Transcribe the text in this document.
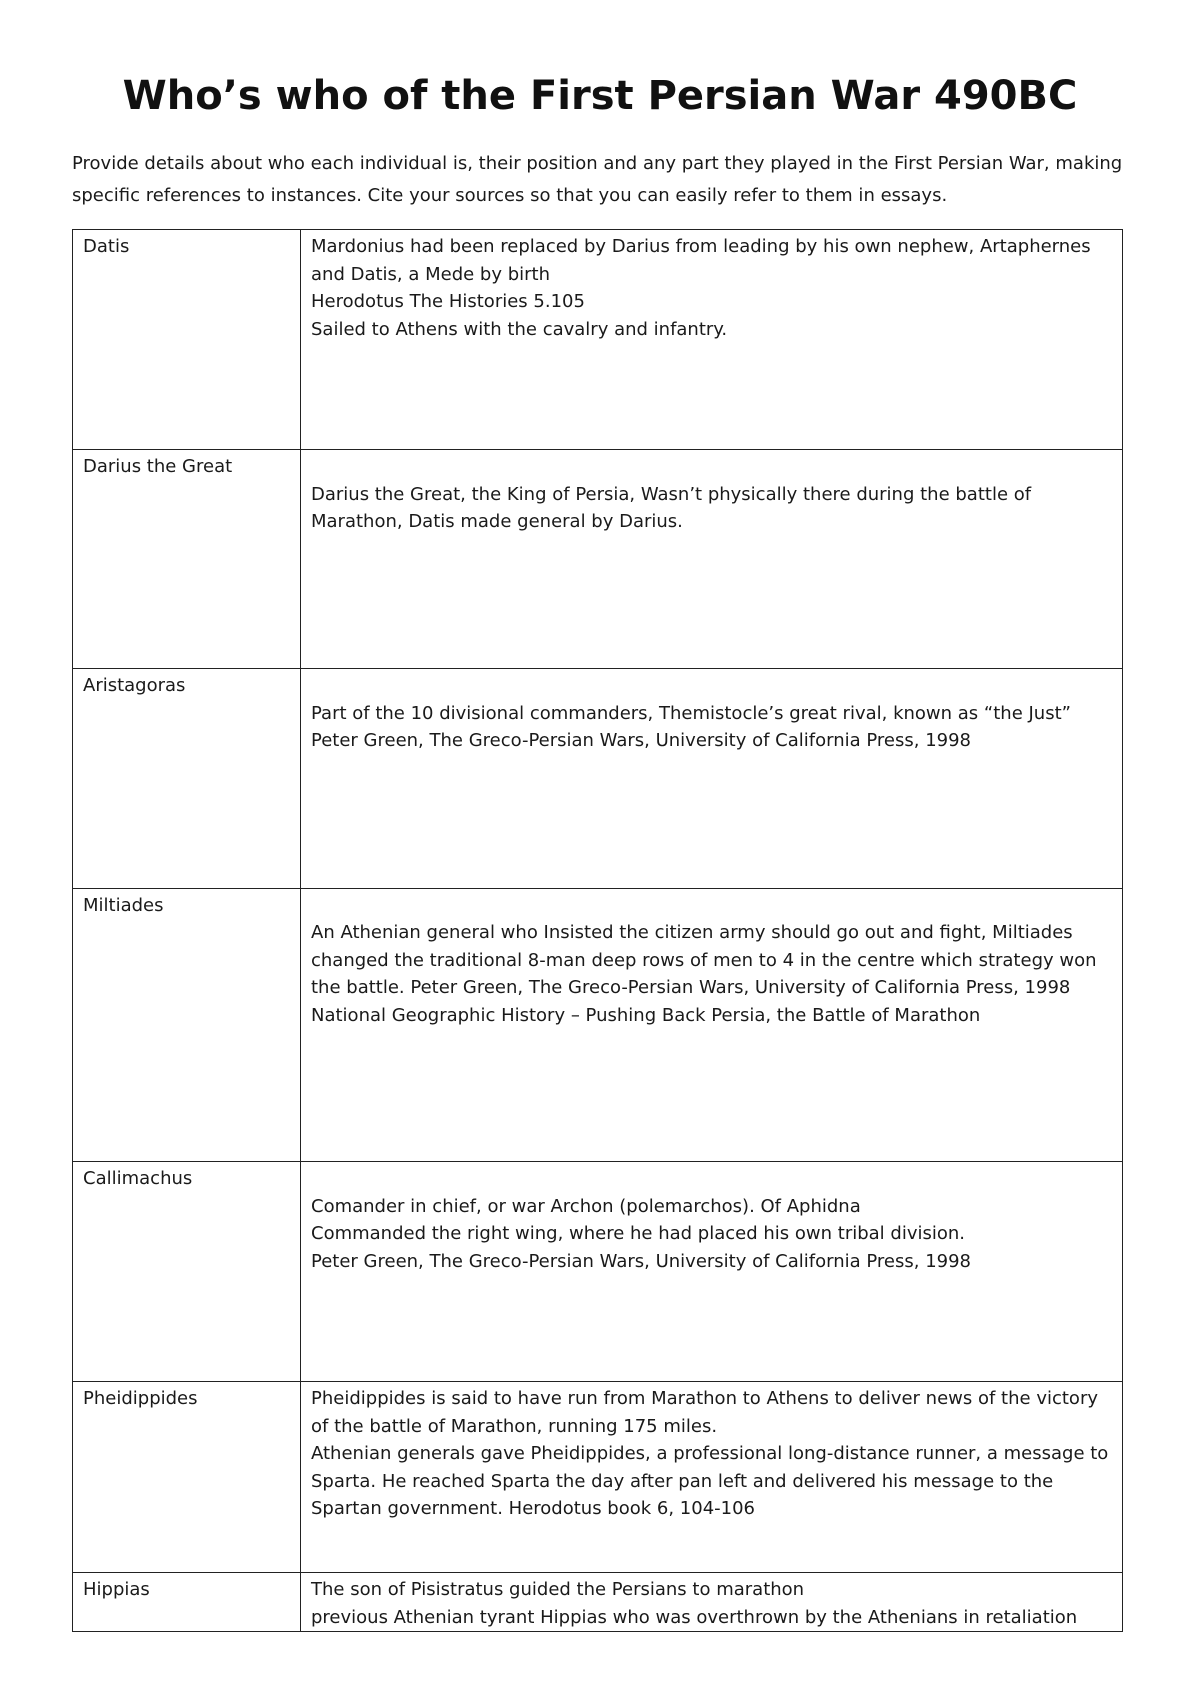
Who’s who of the First Persian War 490BC

Provide details about who each individual is, their position and any part they played in the First Persian War, making
specific references to instances. Cite your sources so that you can easily refer to them in essays.

Datis	Mardonius had been replaced by Darius from leading by his own nephew, Artaphernes
and Datis, a Mede by birth
Herodotus The Histories 5.105
Sailed to Athens with the cavalry and infantry.

Darius the Great	Darius the Great, the King of Persia, Wasn’t physically there during the battle of
Marathon, Datis made general by Darius.

Aristagoras	Part of the 10 divisional commanders, Themistocle’s great rival, known as “the Just”
Peter Green, The Greco-Persian Wars, University of California Press, 1998

Miltiades	An Athenian general who Insisted the citizen army should go out and fight, Miltiades
changed the traditional 8-man deep rows of men to 4 in the centre which strategy won
the battle. Peter Green, The Greco-Persian Wars, University of California Press, 1998
National Geographic History – Pushing Back Persia, the Battle of Marathon

Callimachus	Comander in chief, or war Archon (polemarchos). Of Aphidna
Commanded the right wing, where he had placed his own tribal division.
Peter Green, The Greco-Persian Wars, University of California Press, 1998

Pheidippides	Pheidippides is said to have run from Marathon to Athens to deliver news of the victory
of the battle of Marathon, running 175 miles.
Athenian generals gave Pheidippides, a professional long-distance runner, a message to
Sparta. He reached Sparta the day after pan left and delivered his message to the
Spartan government. Herodotus book 6, 104-106

Hippias	The son of Pisistratus guided the Persians to marathon
previous Athenian tyrant Hippias who was overthrown by the Athenians in retaliation
